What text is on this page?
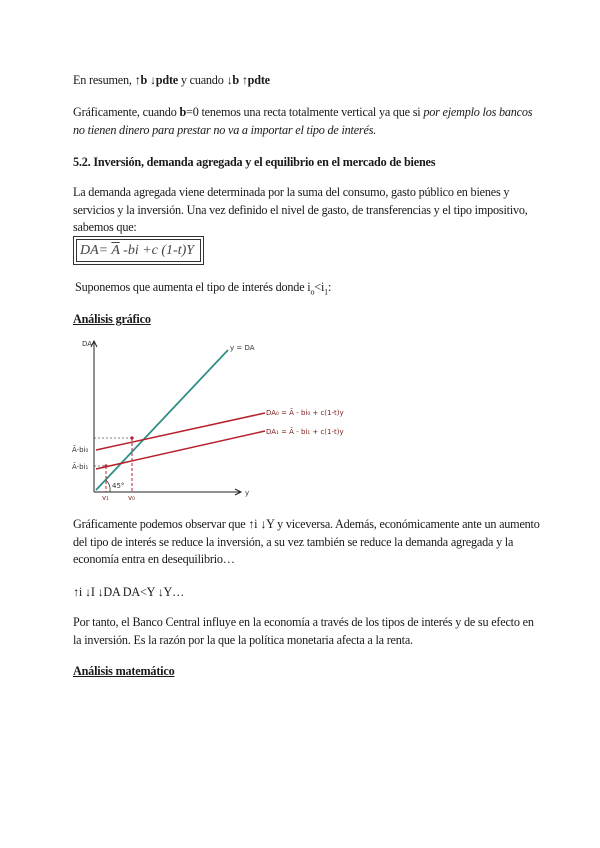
En resumen, ↑b ↓pdte y cuando ↓b ↑pdte
Gráficamente, cuando b=0 tenemos una recta totalmente vertical ya que si por ejemplo los bancos no tienen dinero para prestar no va a importar el tipo de interés.
5.2. Inversión, demanda agregada y el equilibrio en el mercado de bienes
La demanda agregada viene determinada por la suma del consumo, gasto público en bienes y servicios y la inversión. Una vez definido el nivel de gasto, de transferencias y el tipo impositivo, sabemos que:
$DA= \overline{A}$ -bi +c (1-t)Y
Suponemos que aumenta el tipo de interés donde $i_o<i_1$:
Análisis gráfico
DA
y
y = DA
DA₀ = Ā - bi₀ + c(1-t)y
DA₁ = Ā - bi₁ + c(1-t)y
Ā-bi₀
Ā-bi₁
45°
y₁	y₀
Gráficamente podemos observar que ↑i ↓Y y viceversa. Además, económicamente ante un aumento del tipo de interés se reduce la inversión, a su vez también se reduce la demanda agregada y la economía entra en desequilibrio…
↑i ↓I ↓DA DA<Y ↓Y…
Por tanto, el Banco Central influye en la economía a través de los tipos de interés y de su efecto en la inversión. Es la razón por la que la política monetaria afecta a la renta.
Análisis matemático
